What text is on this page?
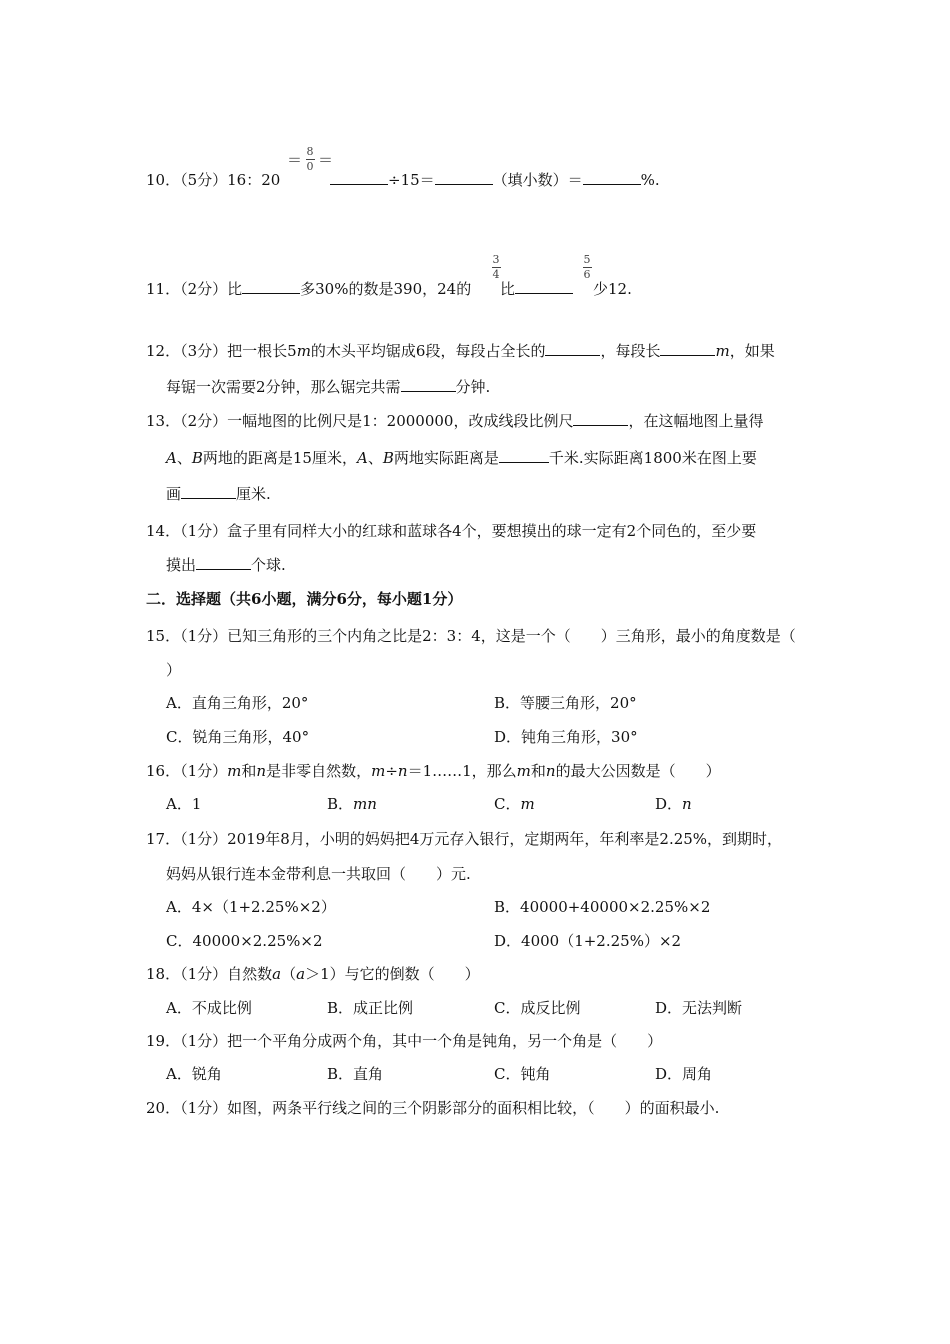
10．（5分）16：20
＝ 8
0 ＝
÷15＝	（填小数）＝	%.
11．（2分）比	多30%的数是390，24的
3
4
比
5
6
少12.
12．（3分）把一根长5m的木头平均锯成6段，每段占全长的	，每段长	m，如果
每锯一次需要2分钟，那么锯完共需	分钟.
13．（2分）一幅地图的比例尺是1：2000000，改成线段比例尺	，在这幅地图上量得
A、B两地的距离是15厘米，A、B两地实际距离是	千米.实际距离1800米在图上要
画	厘米.
14．（1分）盒子里有同样大小的红球和蓝球各4个，要想摸出的球一定有2个同色的，至少要
摸出	个球.
二．选择题（共6小题，满分6分，每小题1分）
15．（1分）已知三角形的三个内角之比是2：3：4，这是一个（　　）三角形，最小的角度数是（
）
A．直角三角形，20°	B．等腰三角形，20°
C．锐角三角形，40°	D．钝角三角形，30°
16．（1分）m和n是非零自然数，m÷n＝1……1，那么m和n的最大公因数是（　　）
A．1	B．mn	C．m	D．n
17．（1分）2019年8月，小明的妈妈把4万元存入银行，定期两年，年利率是2.25%，到期时，
妈妈从银行连本金带利息一共取回（　　）元.
A．4×（1+2.25%×2）	B．40000+40000×2.25%×2
C．40000×2.25%×2	D．4000（1+2.25%）×2
18．（1分）自然数a（a＞1）与它的倒数（　　）
A．不成比例	B．成正比例	C．成反比例	D．无法判断
19．（1分）把一个平角分成两个角，其中一个角是钝角，另一个角是（　　）
A．锐角	B．直角	C．钝角	D．周角
20．（1分）如图，两条平行线之间的三个阴影部分的面积相比较，（　　）的面积最小.
